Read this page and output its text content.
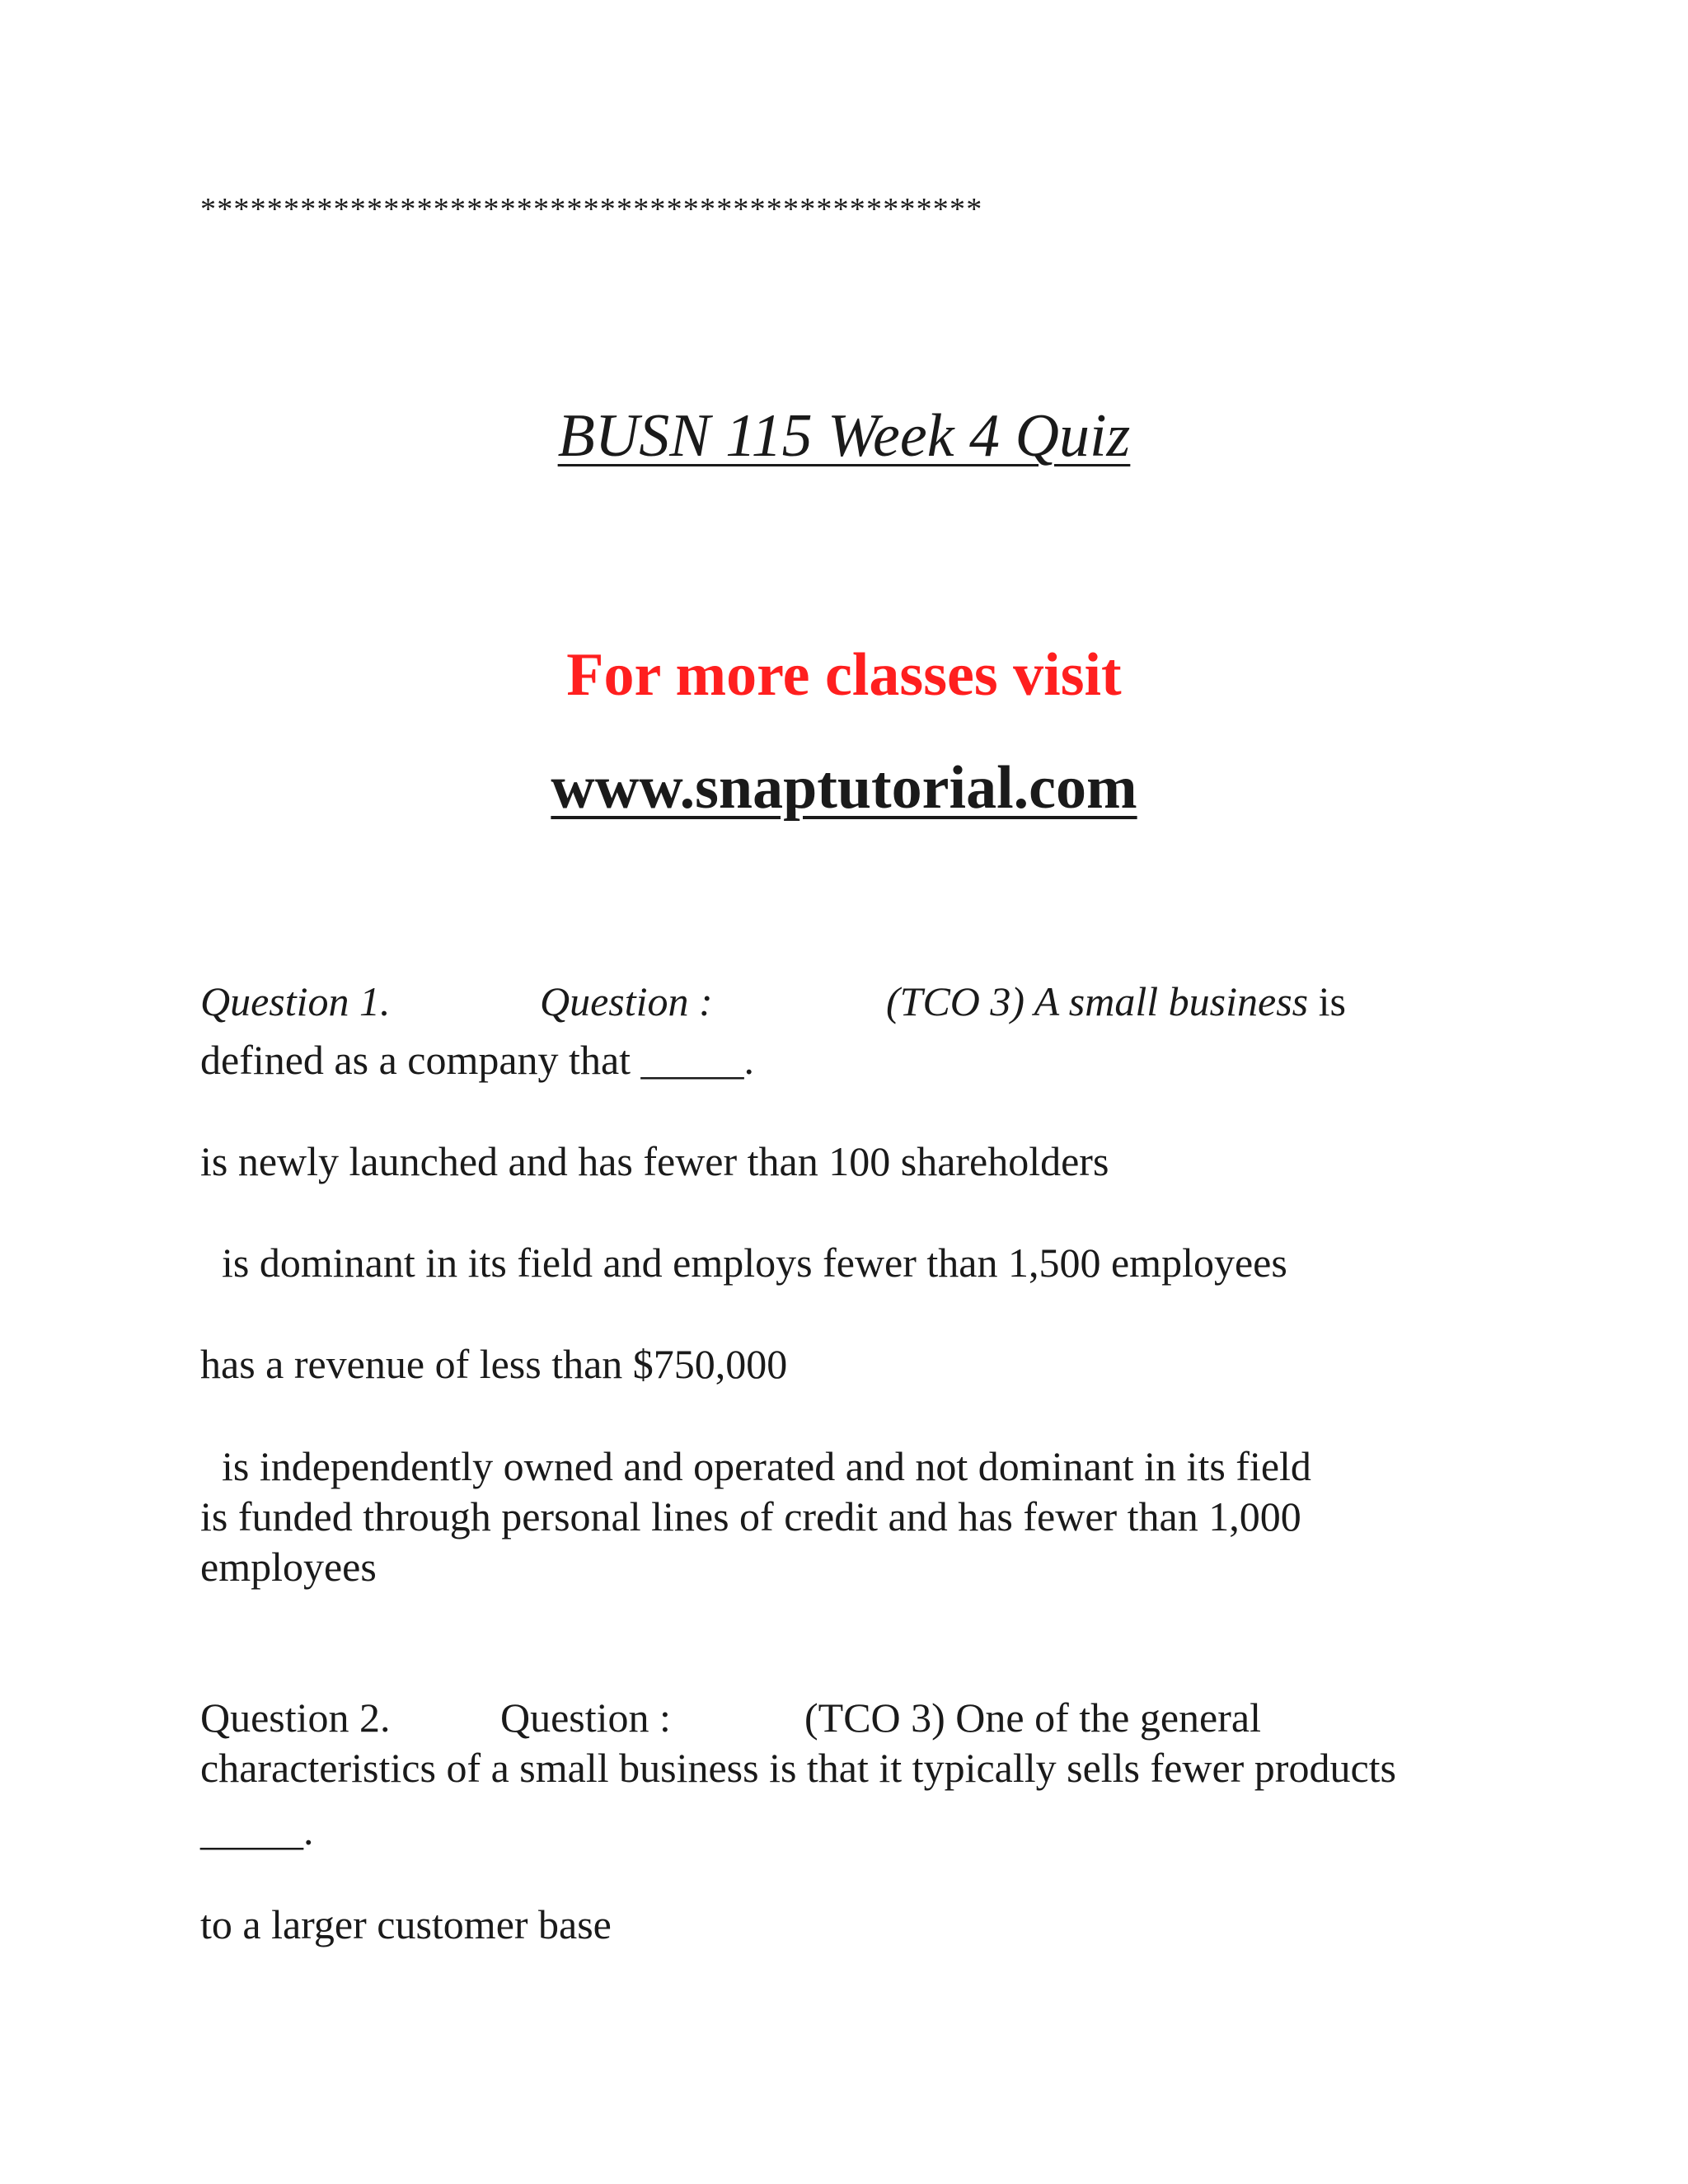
***********************************************
BUSN 115 Week 4 Quiz
For more classes visit
www.snaptutorial.com
Question 1.	Question :	(TCO 3) A small business is
defined as a company that _____.
is newly launched and has fewer than 100 shareholders
is dominant in its field and employs fewer than 1,500 employees
has a revenue of less than $750,000
is independently owned and operated and not dominant in its field
is funded through personal lines of credit and has fewer than 1,000
employees
Question 2.	Question :	(TCO 3) One of the general
characteristics of a small business is that it typically sells fewer products
_____.
to a larger customer base
